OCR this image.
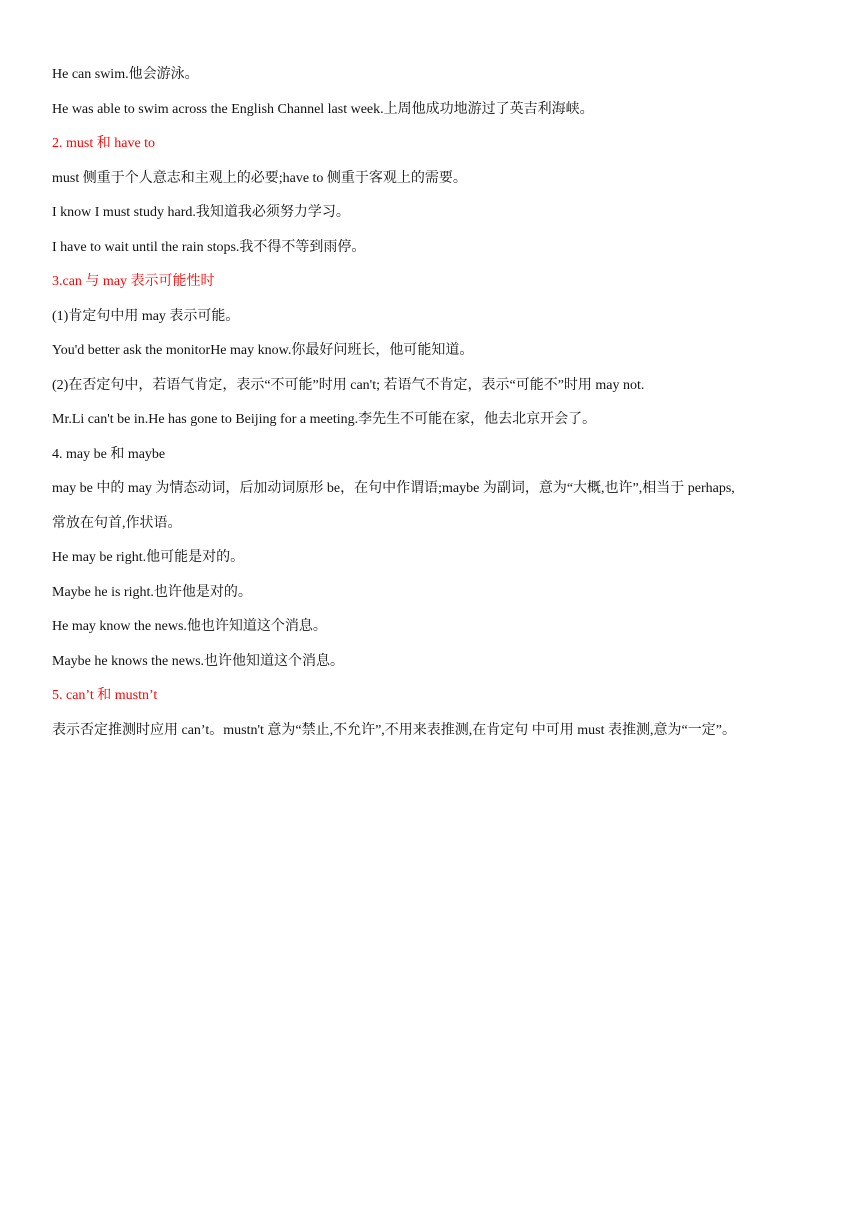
He can swim.他会游泳。

He was able to swim across the English Channel last week.上周他成功地游过了英吉利海峡。

2. must 和 have to

must 侧重于个人意志和主观上的必要;have to 侧重于客观上的需要。

I know I must study hard.我知道我必须努力学习。

I have to wait until the rain stops.我不得不等到雨停。

3.can 与 may 表示可能性时

(1)肯定句中用 may 表示可能。

You'd better ask the monitorHe may know.你最好问班长，他可能知道。

(2)在否定句中，若语气肯定，表示“不可能”时用 can't; 若语气不肯定，表示“可能不”时用 may not.

Mr.Li can't be in.He has gone to Beijing for a meeting.李先生不可能在家，他去北京开会了。

4. may be 和 maybe

may be 中的 may 为情态动词，后加动词原形 be，在句中作谓语;maybe 为副词，意为“大概,也许”,相当于 perhaps,

常放在句首,作状语。

He may be right.他可能是对的。

Maybe he is right.也许他是对的。

He may know the news.他也许知道这个消息。

Maybe he knows the news.也许他知道这个消息。

5. can’t 和 mustn’t

表示否定推测时应用 can’t。mustn't 意为“禁止,不允许”,不用来表推测,在肯定句 中可用 must 表推测,意为“一定”。
